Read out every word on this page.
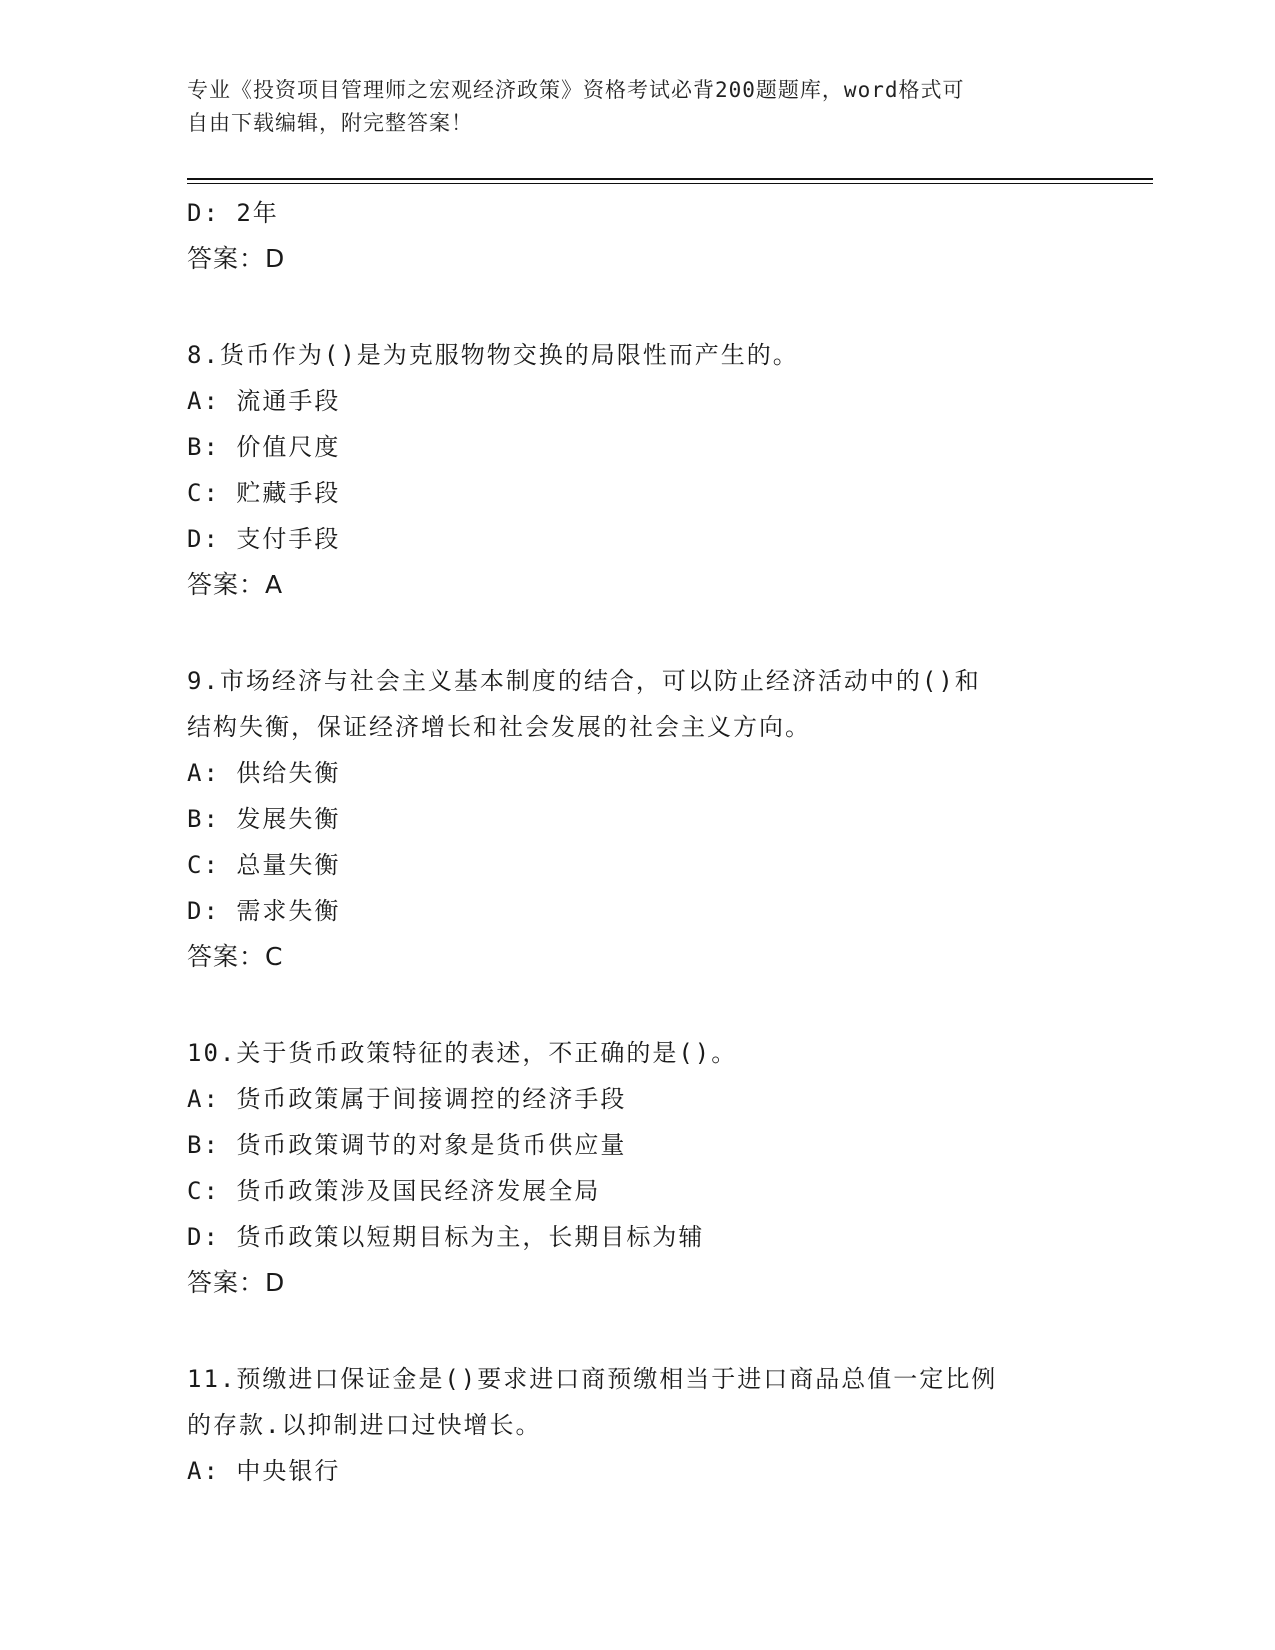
专业《投资项目管理师之宏观经济政策》资格考试必背200题题库，word格式可
自由下载编辑，附完整答案！
D: 2年
答案：D
8.货币作为()是为克服物物交换的局限性而产生的。
A: 流通手段
B: 价值尺度
C: 贮藏手段
D: 支付手段
答案：A
9.市场经济与社会主义基本制度的结合，可以防止经济活动中的()和
结构失衡，保证经济增长和社会发展的社会主义方向。
A: 供给失衡
B: 发展失衡
C: 总量失衡
D: 需求失衡
答案：C
10.关于货币政策特征的表述，不正确的是()。
A: 货币政策属于间接调控的经济手段
B: 货币政策调节的对象是货币供应量
C: 货币政策涉及国民经济发展全局
D: 货币政策以短期目标为主，长期目标为辅
答案：D
11.预缴进口保证金是()要求进口商预缴相当于进口商品总值一定比例
的存款.以抑制进口过快增长。
A: 中央银行
